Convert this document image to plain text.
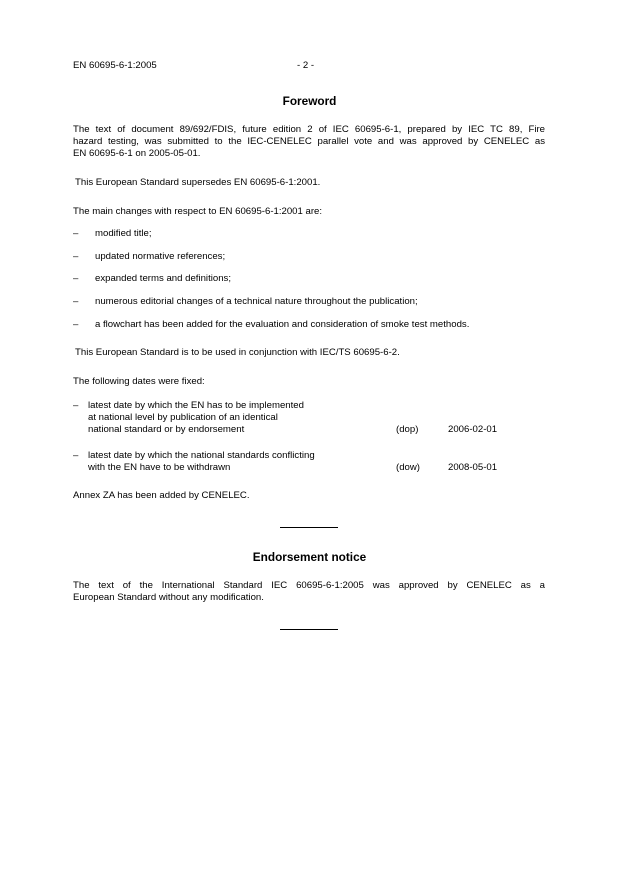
EN 60695-6-1:2005	- 2 -
Foreword
The text of document 89/692/FDIS, future edition 2 of IEC 60695-6-1, prepared by IEC TC 89, Fire
hazard testing, was submitted to the IEC-CENELEC parallel vote and was approved by CENELEC as
EN 60695-6-1 on 2005-05-01.
This European Standard supersedes EN 60695-6-1:2001.
The main changes with respect to EN 60695-6-1:2001 are:
– modified title;
– updated normative references;
– expanded terms and definitions;
– numerous editorial changes of a technical nature throughout the publication;
– a flowchart has been added for the evaluation and consideration of smoke test methods.
This European Standard is to be used in conjunction with IEC/TS 60695-6-2.
The following dates were fixed:
– latest date by which the EN has to be implemented
at national level by publication of an identical
national standard or by endorsement	(dop)	2006-02-01
– latest date by which the national standards conflicting
with the EN have to be withdrawn	(dow)	2008-05-01
Annex ZA has been added by CENELEC.
Endorsement notice
The text of the International Standard IEC 60695-6-1:2005 was approved by CENELEC as a
European Standard without any modification.
